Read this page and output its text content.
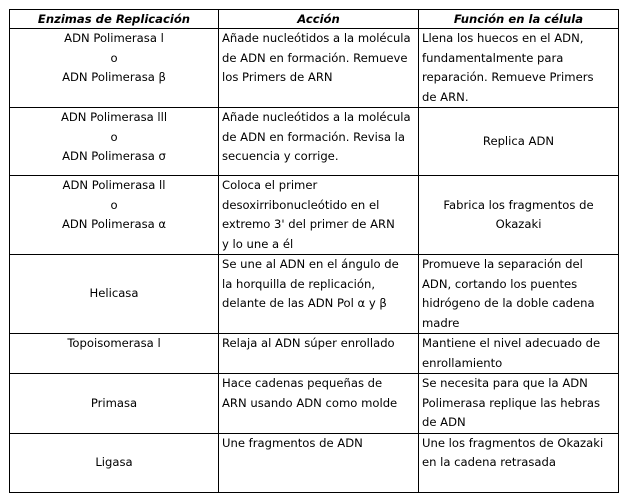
Enzimas de Replicación	Acción	Función en la célula

ADN Polimerasa l
o
ADN Polimerasa β	Añade nucleótidos a la molécula
de ADN en formación. Remueve
los Primers de ARN	Llena los huecos en el ADN,
fundamentalmente para
reparación. Remueve Primers
de ARN.

ADN Polimerasa lll
o
ADN Polimerasa σ	Añade nucleótidos a la molécula
de ADN en formación. Revisa la
secuencia y corrige.	Replica ADN

ADN Polimerasa ll
o
ADN Polimerasa α	Coloca el primer
desoxirribonucleótido en el
extremo 3' del primer de ARN
y lo une a él	Fabrica los fragmentos de
Okazaki

Helicasa	Se une al ADN en el ángulo de
la horquilla de replicación,
delante de las ADN Pol α y β	Promueve la separación del
ADN, cortando los puentes
hidrógeno de la doble cadena
madre

Topoisomerasa l	Relaja al ADN súper enrollado	Mantiene el nivel adecuado de
enrollamiento

Primasa	Hace cadenas pequeñas de
ARN usando ADN como molde	Se necesita para que la ADN
Polimerasa replique las hebras
de ADN

Ligasa	Une fragmentos de ADN	Une los fragmentos de Okazaki
en la cadena retrasada
